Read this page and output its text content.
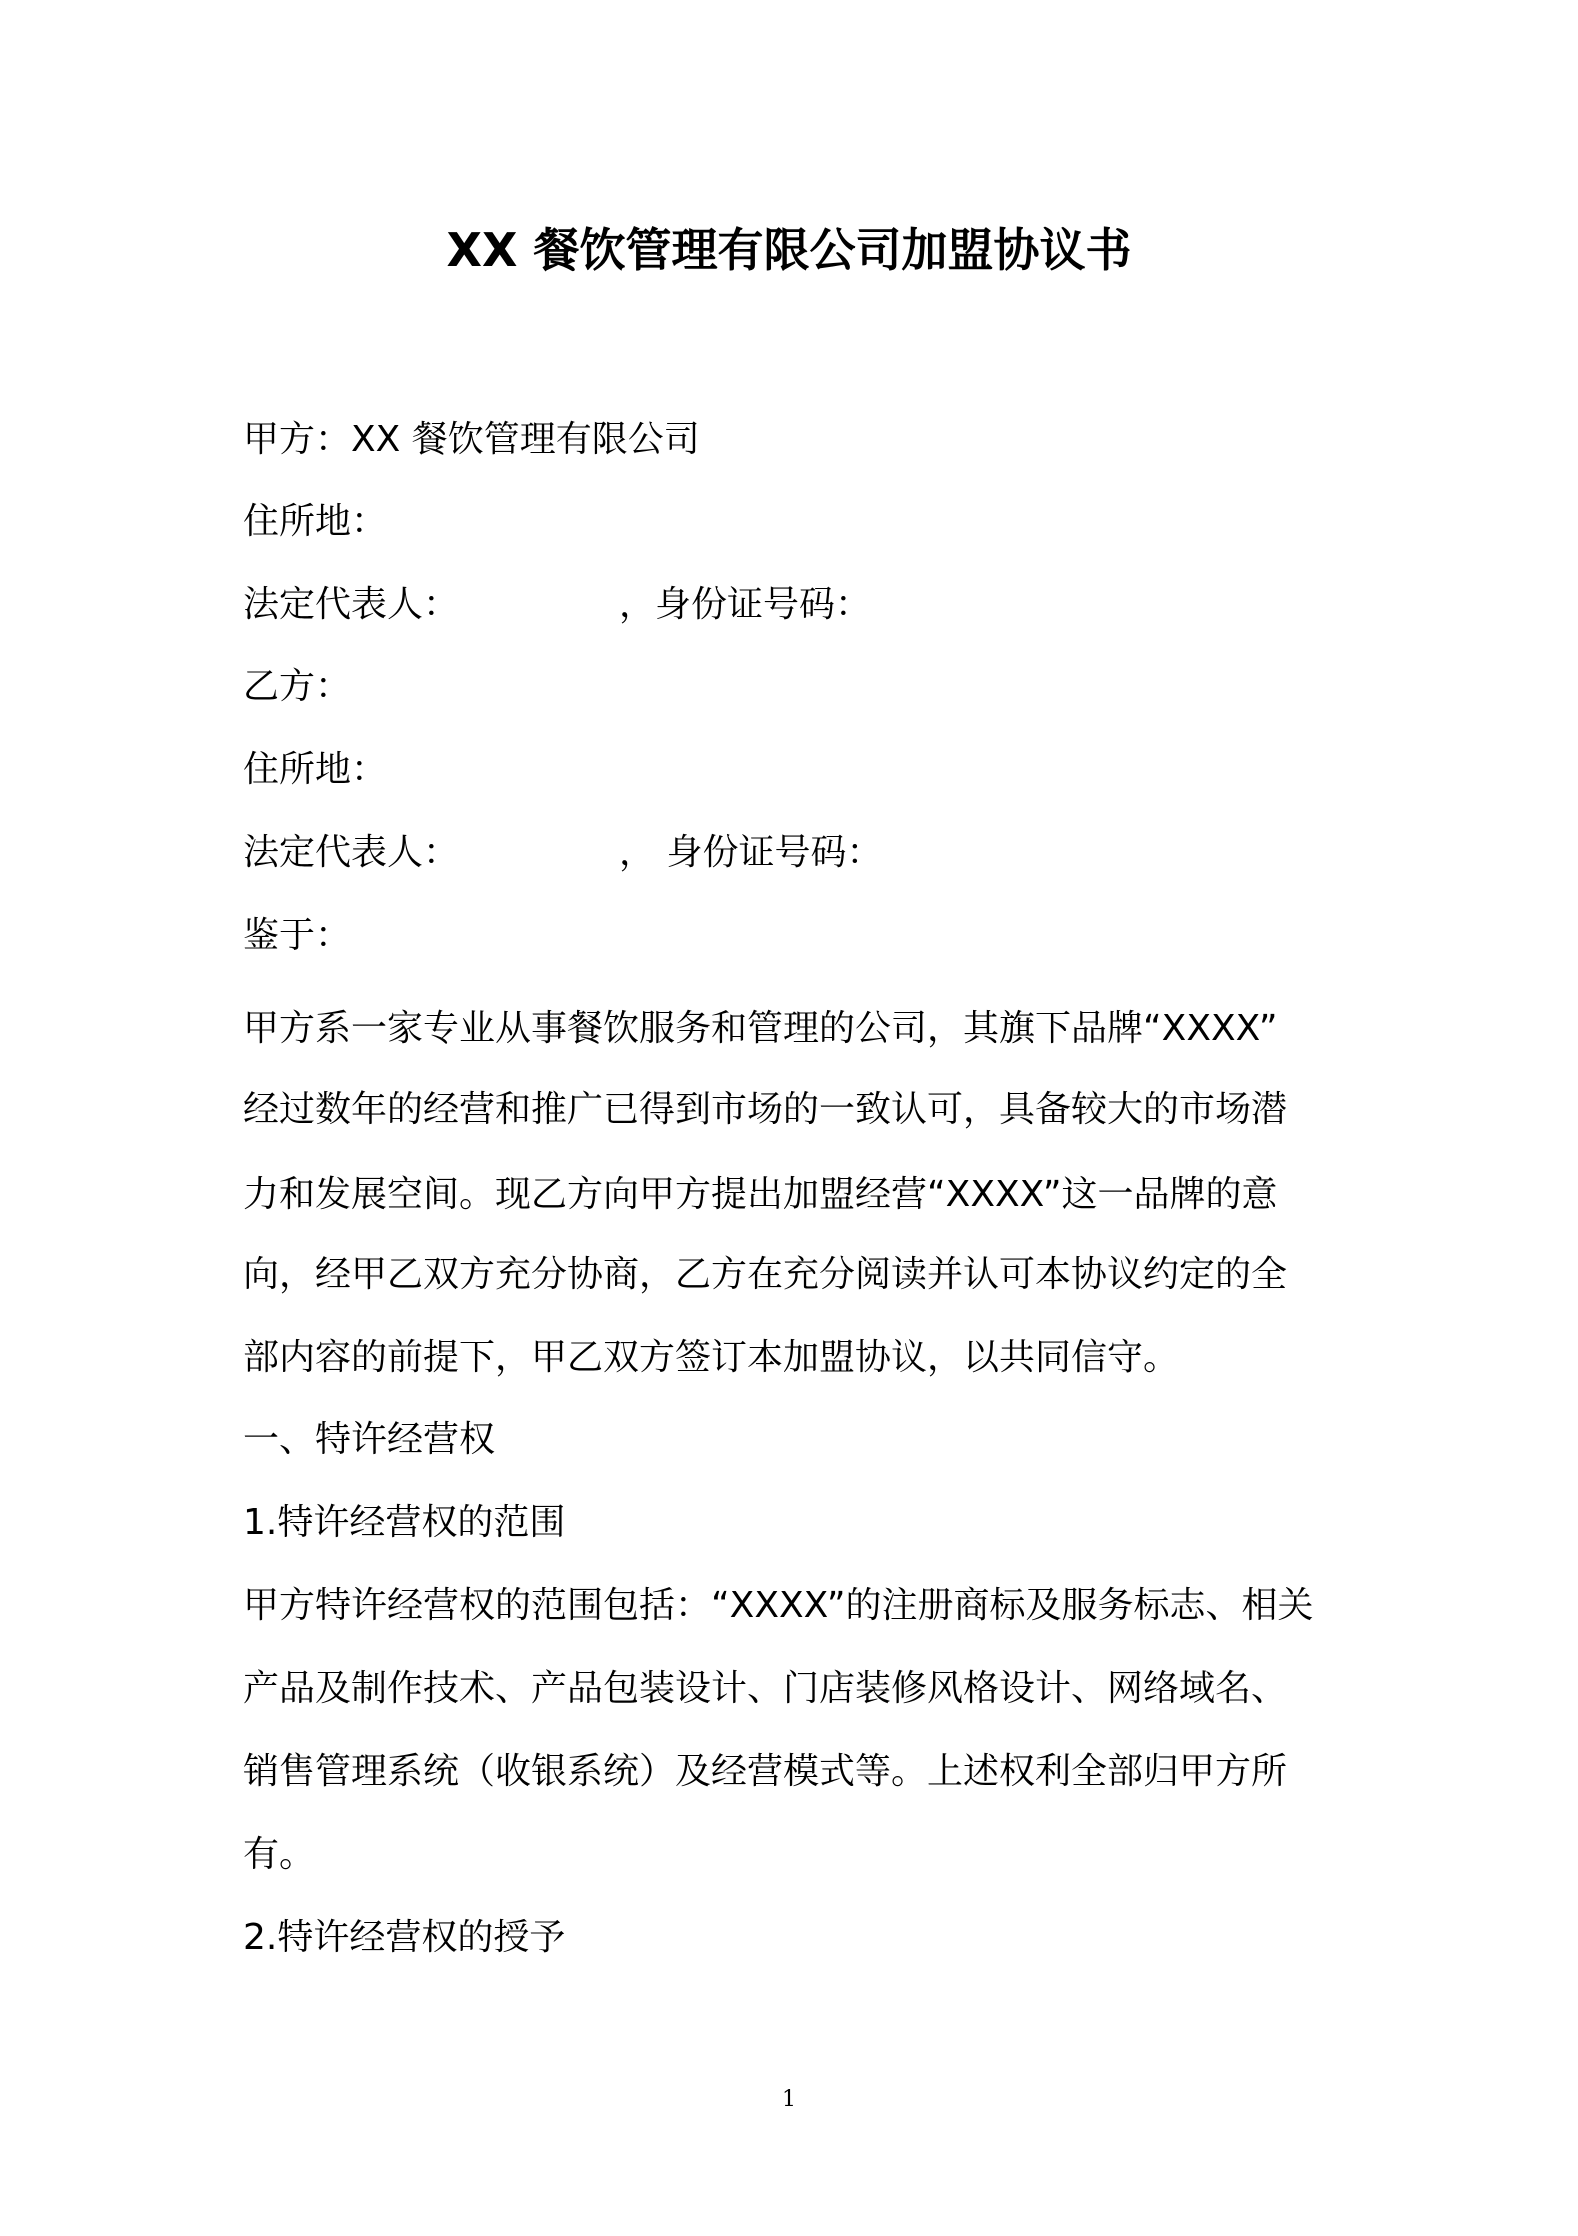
XX 餐饮管理有限公司加盟协议书

甲方：XX 餐饮管理有限公司

住所地：

法定代表人：	，身份证号码：

乙方：

住所地：

法定代表人：	， 身份证号码：

鉴于：

甲方系一家专业从事餐饮服务和管理的公司，其旗下品牌“XXXX”

经过数年的经营和推广已得到市场的一致认可，具备较大的市场潜

力和发展空间。现乙方向甲方提出加盟经营“XXXX”这一品牌的意

向，经甲乙双方充分协商，乙方在充分阅读并认可本协议约定的全

部内容的前提下，甲乙双方签订本加盟协议，以共同信守。

一、特许经营权

1.特许经营权的范围

甲方特许经营权的范围包括：“XXXX”的注册商标及服务标志、相关

产品及制作技术、产品包装设计、门店装修风格设计、网络域名、

销售管理系统（收银系统）及经营模式等。上述权利全部归甲方所

有。

2.特许经营权的授予

1
